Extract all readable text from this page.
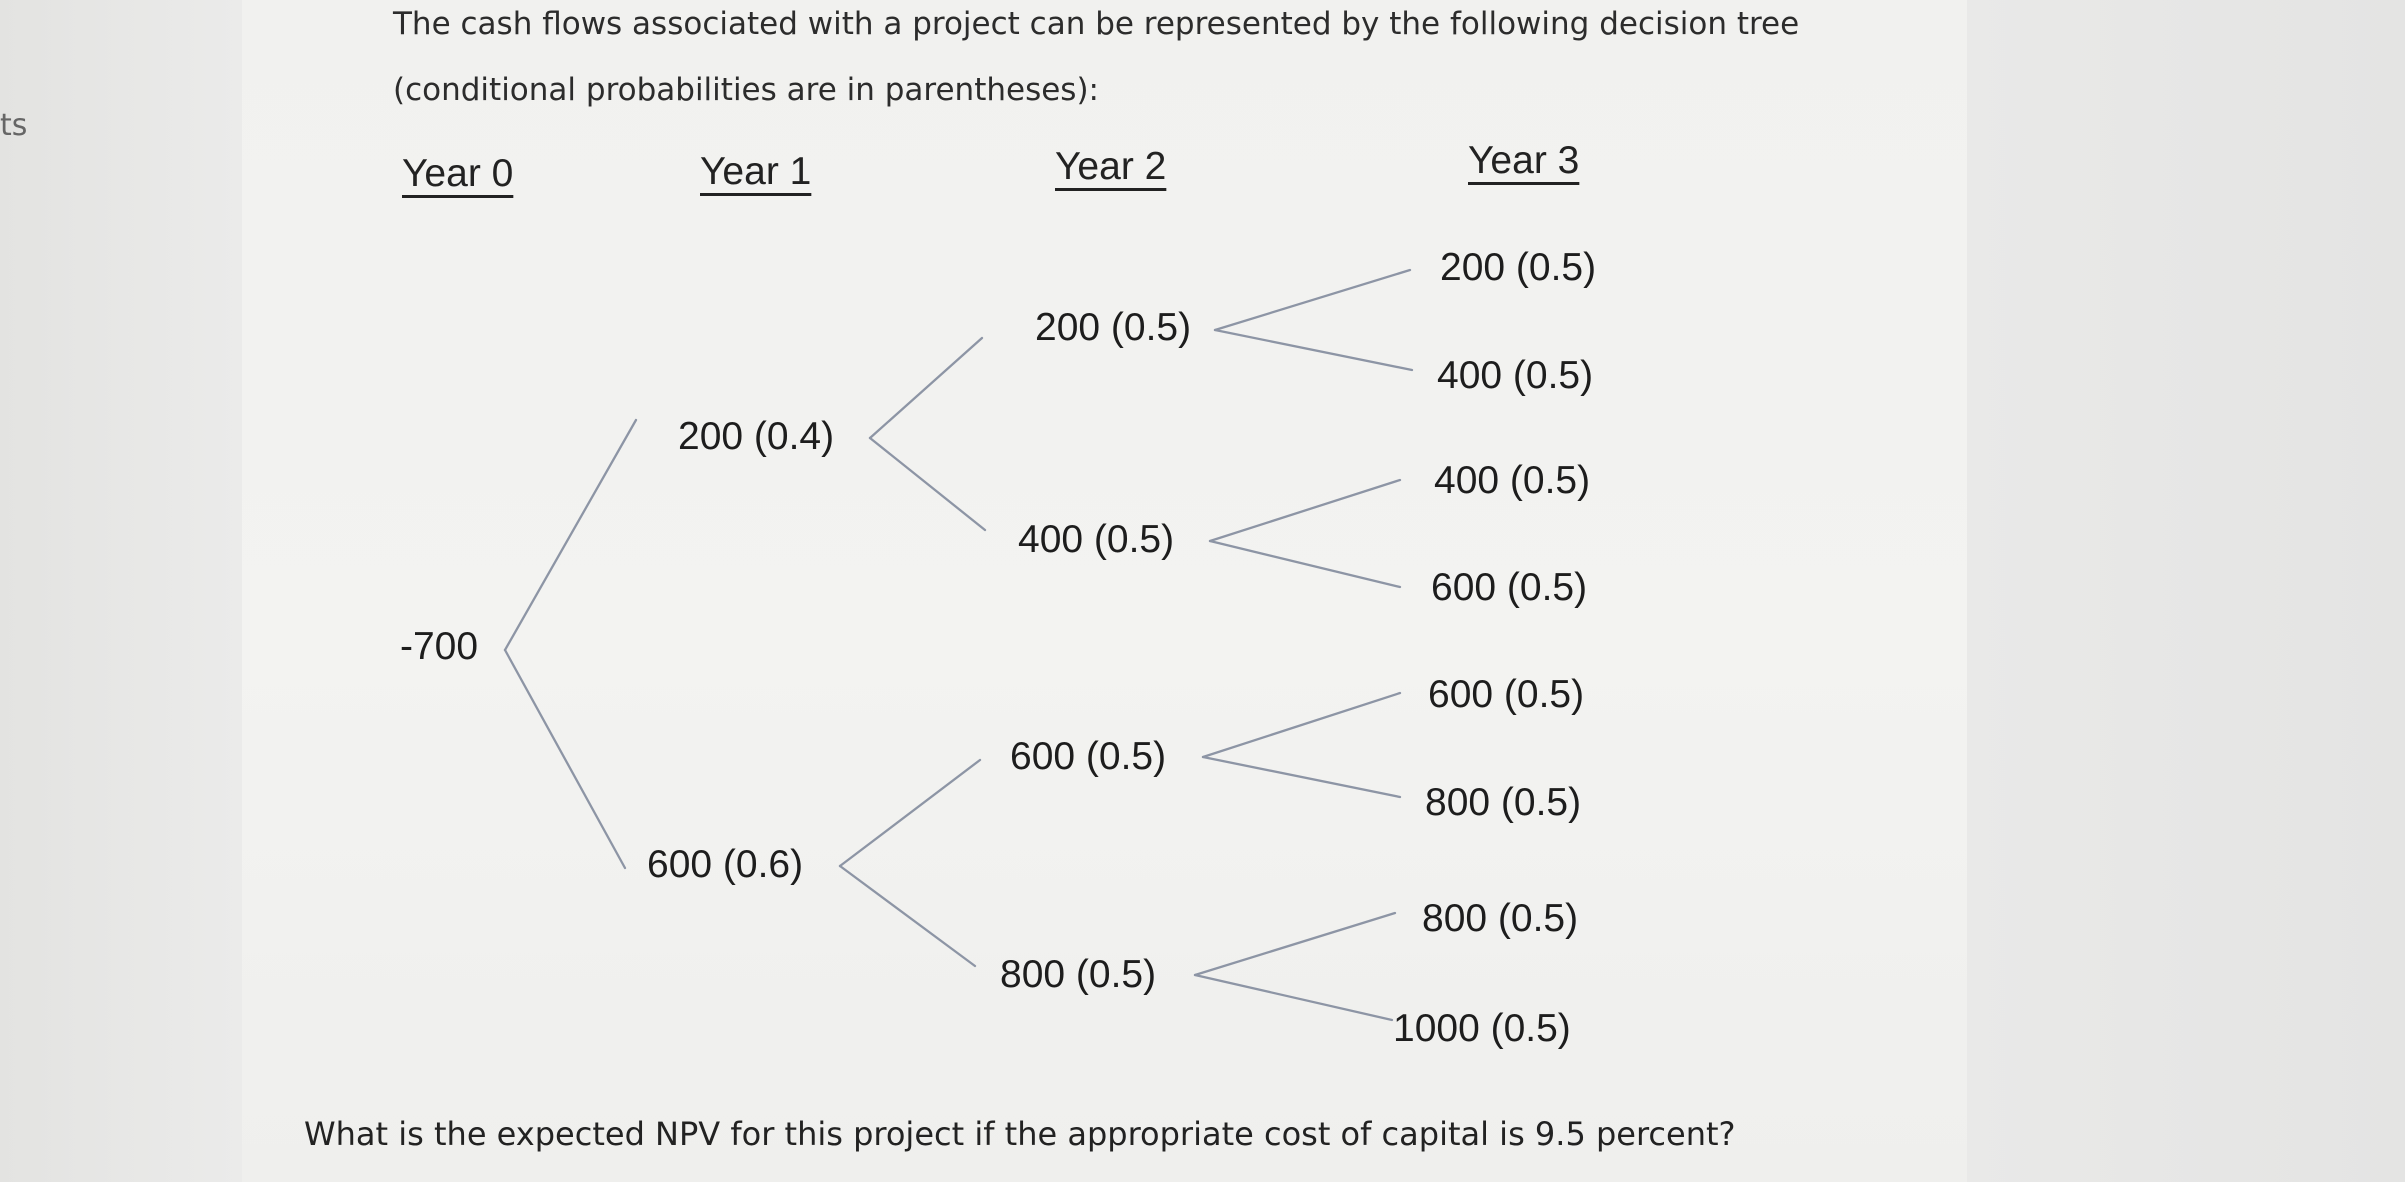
ts
The cash flows associated with a project can be represented by the following decision tree
(conditional probabilities are in parentheses):
Year 0	Year 1	Year 2	Year 3
-700
200 (0.4)
600 (0.6)
200 (0.5)
400 (0.5)
600 (0.5)
800 (0.5)
200 (0.5)
400 (0.5)
400 (0.5)
600 (0.5)
600 (0.5)
800 (0.5)
800 (0.5)
1000 (0.5)
What is the expected NPV for this project if the appropriate cost of capital is 9.5 percent?
